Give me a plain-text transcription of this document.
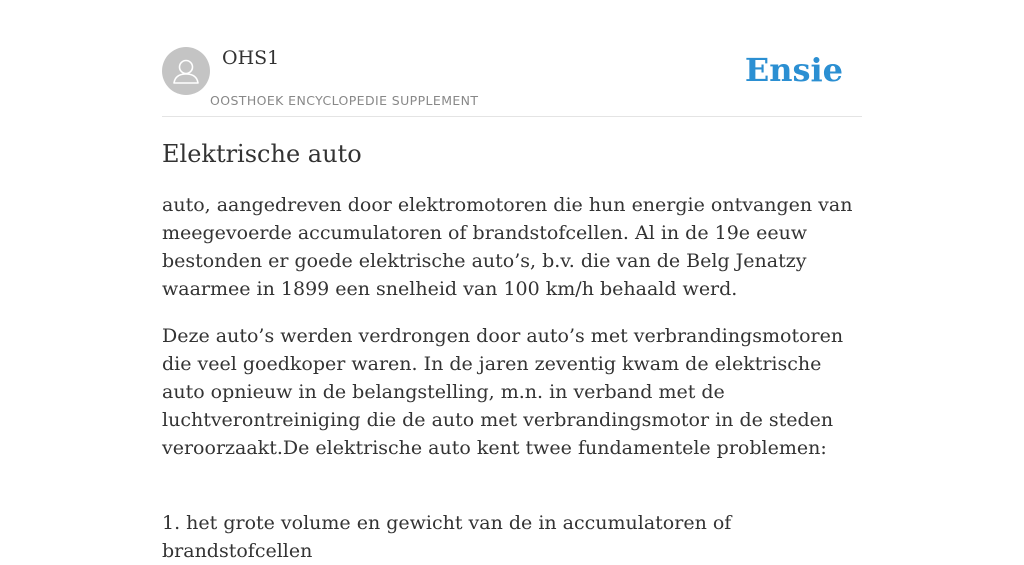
OHS1
OOSTHOEK ENCYCLOPEDIE SUPPLEMENT
Ensie
Elektrische auto

auto, aangedreven door elektromotoren die hun energie ontvangen van meegevoerde accumulatoren of brandstofcellen. Al in de 19e eeuw bestonden er goede elektrische auto’s, b.v. die van de Belg Jenatzy waarmee in 1899 een snelheid van 100 km/h behaald werd.

Deze auto’s werden verdrongen door auto’s met verbrandingsmotoren die veel goedkoper waren. In de jaren zeventig kwam de elektrische auto opnieuw in de belangstelling, m.n. in verband met de luchtverontreiniging die de auto met verbrandingsmotor in de steden veroorzaakt.De elektrische auto kent twee fundamentele problemen:

1. het grote volume en gewicht van de in accumulatoren of brandstofcellen
